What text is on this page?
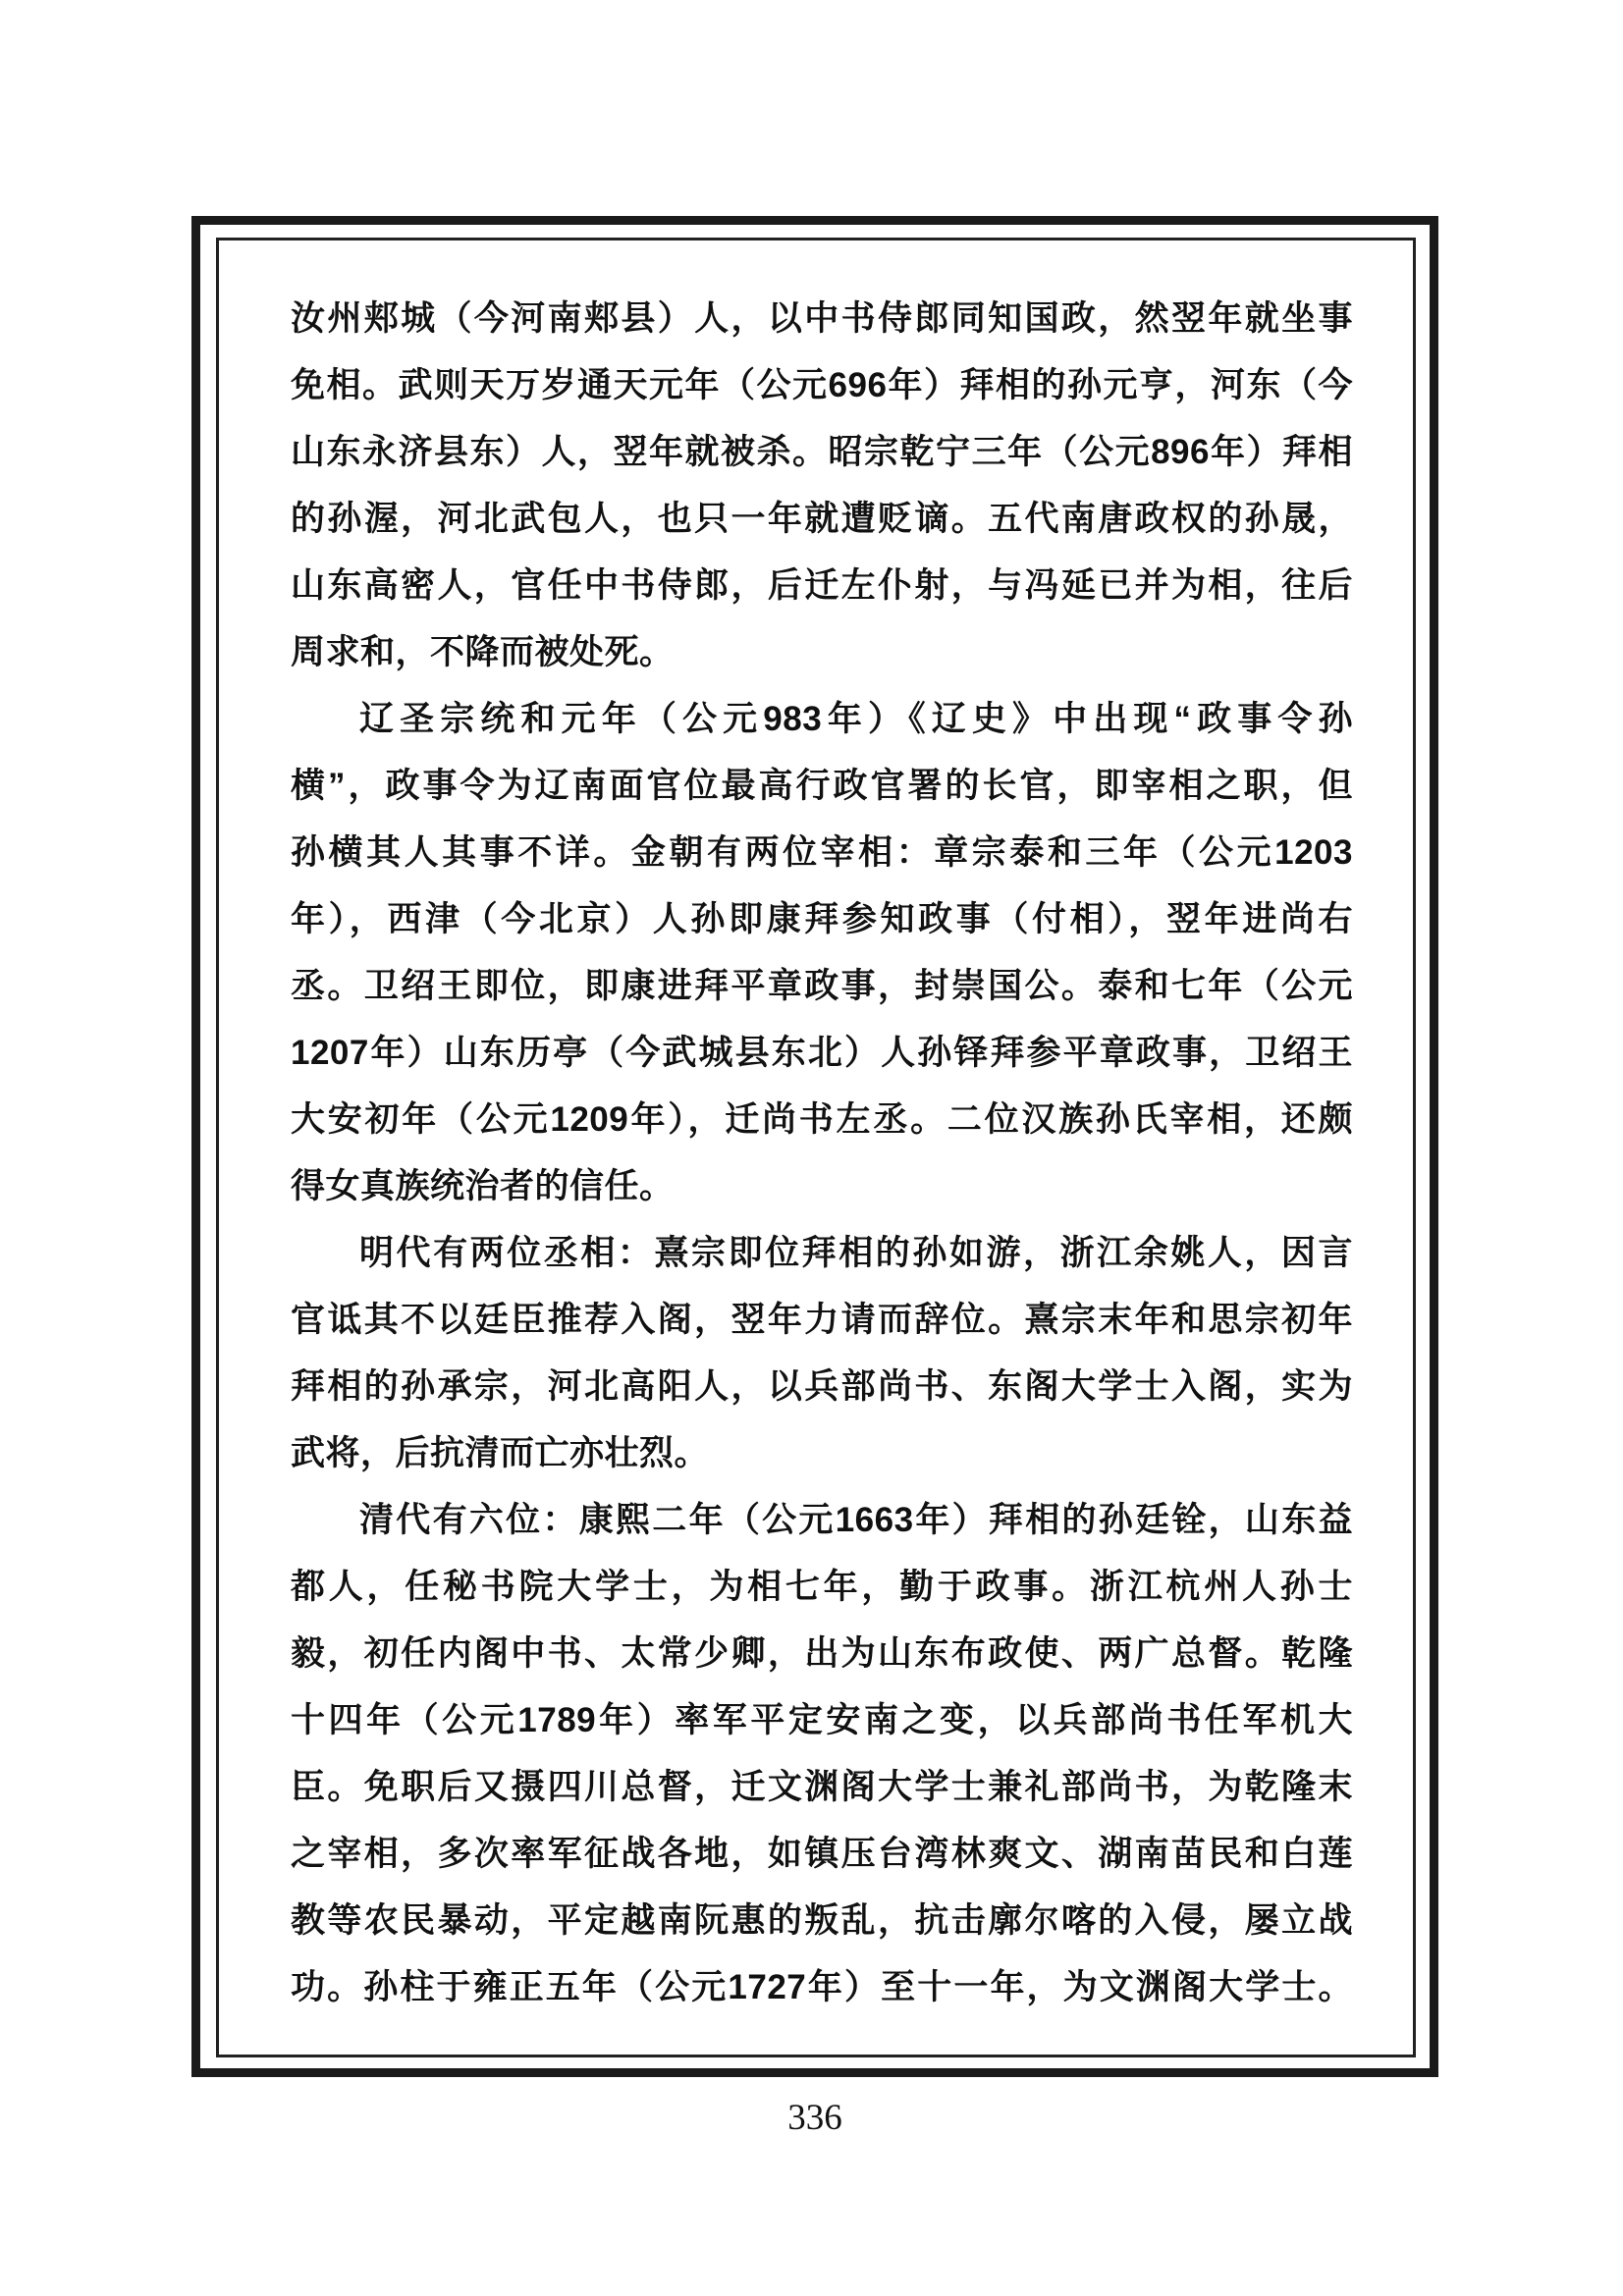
汝州郏城（今河南郏县）人，以中书侍郎同知国政，然翌年就坐事
免相。武则天万岁通天元年（公元696年）拜相的孙元亨，河东（今
山东永济县东）人，翌年就被杀。昭宗乾宁三年（公元896年）拜相
的孙渥，河北武包人，也只一年就遭贬谪。五代南唐政权的孙晟，
山东高密人，官任中书侍郎，后迁左仆射，与冯延已并为相，往后
周求和，不降而被处死。
辽圣宗统和元年（公元983年）《辽史》中出现“政事令孙
横”，政事令为辽南面官位最高行政官署的长官，即宰相之职，但
孙横其人其事不详。金朝有两位宰相：章宗泰和三年（公元1203
年），西津（今北京）人孙即康拜参知政事（付相），翌年进尚右
丞。卫绍王即位，即康进拜平章政事，封崇国公。泰和七年（公元
1207年）山东历亭（今武城县东北）人孙铎拜参平章政事，卫绍王
大安初年（公元1209年），迁尚书左丞。二位汉族孙氏宰相，还颇
得女真族统治者的信任。
明代有两位丞相：熹宗即位拜相的孙如游，浙江余姚人，因言
官诋其不以廷臣推荐入阁，翌年力请而辞位。熹宗末年和思宗初年
拜相的孙承宗，河北高阳人，以兵部尚书、东阁大学士入阁，实为
武将，后抗清而亡亦壮烈。
清代有六位：康熙二年（公元1663年）拜相的孙廷铨，山东益
都人，任秘书院大学士，为相七年，勤于政事。浙江杭州人孙士
毅，初任内阁中书、太常少卿，出为山东布政使、两广总督。乾隆
十四年（公元1789年）率军平定安南之变，以兵部尚书任军机大
臣。免职后又摄四川总督，迁文渊阁大学士兼礼部尚书，为乾隆末
之宰相，多次率军征战各地，如镇压台湾林爽文、湖南苗民和白莲
教等农民暴动，平定越南阮惠的叛乱，抗击廓尔喀的入侵，屡立战
功。孙柱于雍正五年（公元1727年）至十一年，为文渊阁大学士。
336
